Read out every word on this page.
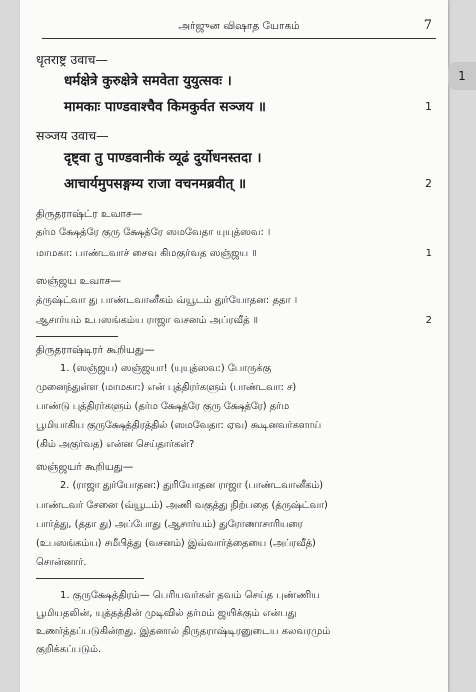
அர்ஜுன விஷாத யோகம்	7
धृतराष्ट्र उवाच—
धर्मक्षेत्रे कुरुक्षेत्रे समवेता युयुत्सवः ।
मामकाः पाण्डवाश्चैव किमकुर्वत सञ्जय ॥	1
सञ्जय उवाच—
दृष्ट्वा तु पाण्डवानीकं व्यूढं दुर्योधनस्तदा ।
आचार्यमुपसङ्गम्य राजा वचनमब्रवीत् ॥	2
திருதராஷ்ட்ர உவாச—
தர்ம க்ஷேத்ரே குரு க்ஷேத்ரே ஸமவேதா யுயுத்ஸவ: ।
மாமகா: பாண்டவாச் சைவ கிமகுர்வத ஸஞ்ஜய ॥	1
ஸஞ்ஜய உவாச—
த்ருஷ்ட்வா து பாண்டவானீகம் வ்யூடம் துர்யோதன: ததா ।
ஆசார்யம் உபஸங்கம்ய ராஜா வசனம் அப்ரவீத் ॥	2
திருதராஷ்டிரர் கூறியது—
1. (ஸஞ்ஜய) ஸஞ்ஜயா! (யுயுத்ஸவ:) போருக்கு
முனைந்துள்ள (மாமகா:) என் புத்திரர்களும் (பாண்டவா: ச)
பாண்டு புத்திரர்களும் (தர்ம க்ஷேத்ரே குரு க்ஷேத்ரே) தர்ம
பூமியாகிய குருக்ஷேத்திரத்தில் (ஸமவேதா: ஏவ) கூடினவர்களாய்
(கிம் அகுர்வத) என்ன செய்தார்கள்?
ஸஞ்ஜயர் கூறியது—
2. (ராஜா துர்யோதன:) துரியோதன ராஜா (பாண்டவானீகம்)
பாண்டவர் சேனை (வ்யூடம்) அணி வகுத்து நிற்பதை (த்ருஷ்ட்வா)
பார்த்து, (ததா து) அப்போது (ஆசார்யம்) துரோணாசாரியரை
(உபஸங்கம்ய) சமீபித்து (வசனம்) இவ்வார்த்தையை (அப்ரவீத்)
சொன்னார்.
1. குருக்ஷேத்திரம்— பெரியவர்கள் தவம் செய்த புண்ணிய
பூமியதலின், யுத்தத்தின் முடிவில் தர்மம் ஜயிக்கும் என்பது
உணர்த்தப்படுகின்றது. இதனால் திருதராஷ்டிரனுடைய கலவரமும்
குறிக்கப்படும்.
1
